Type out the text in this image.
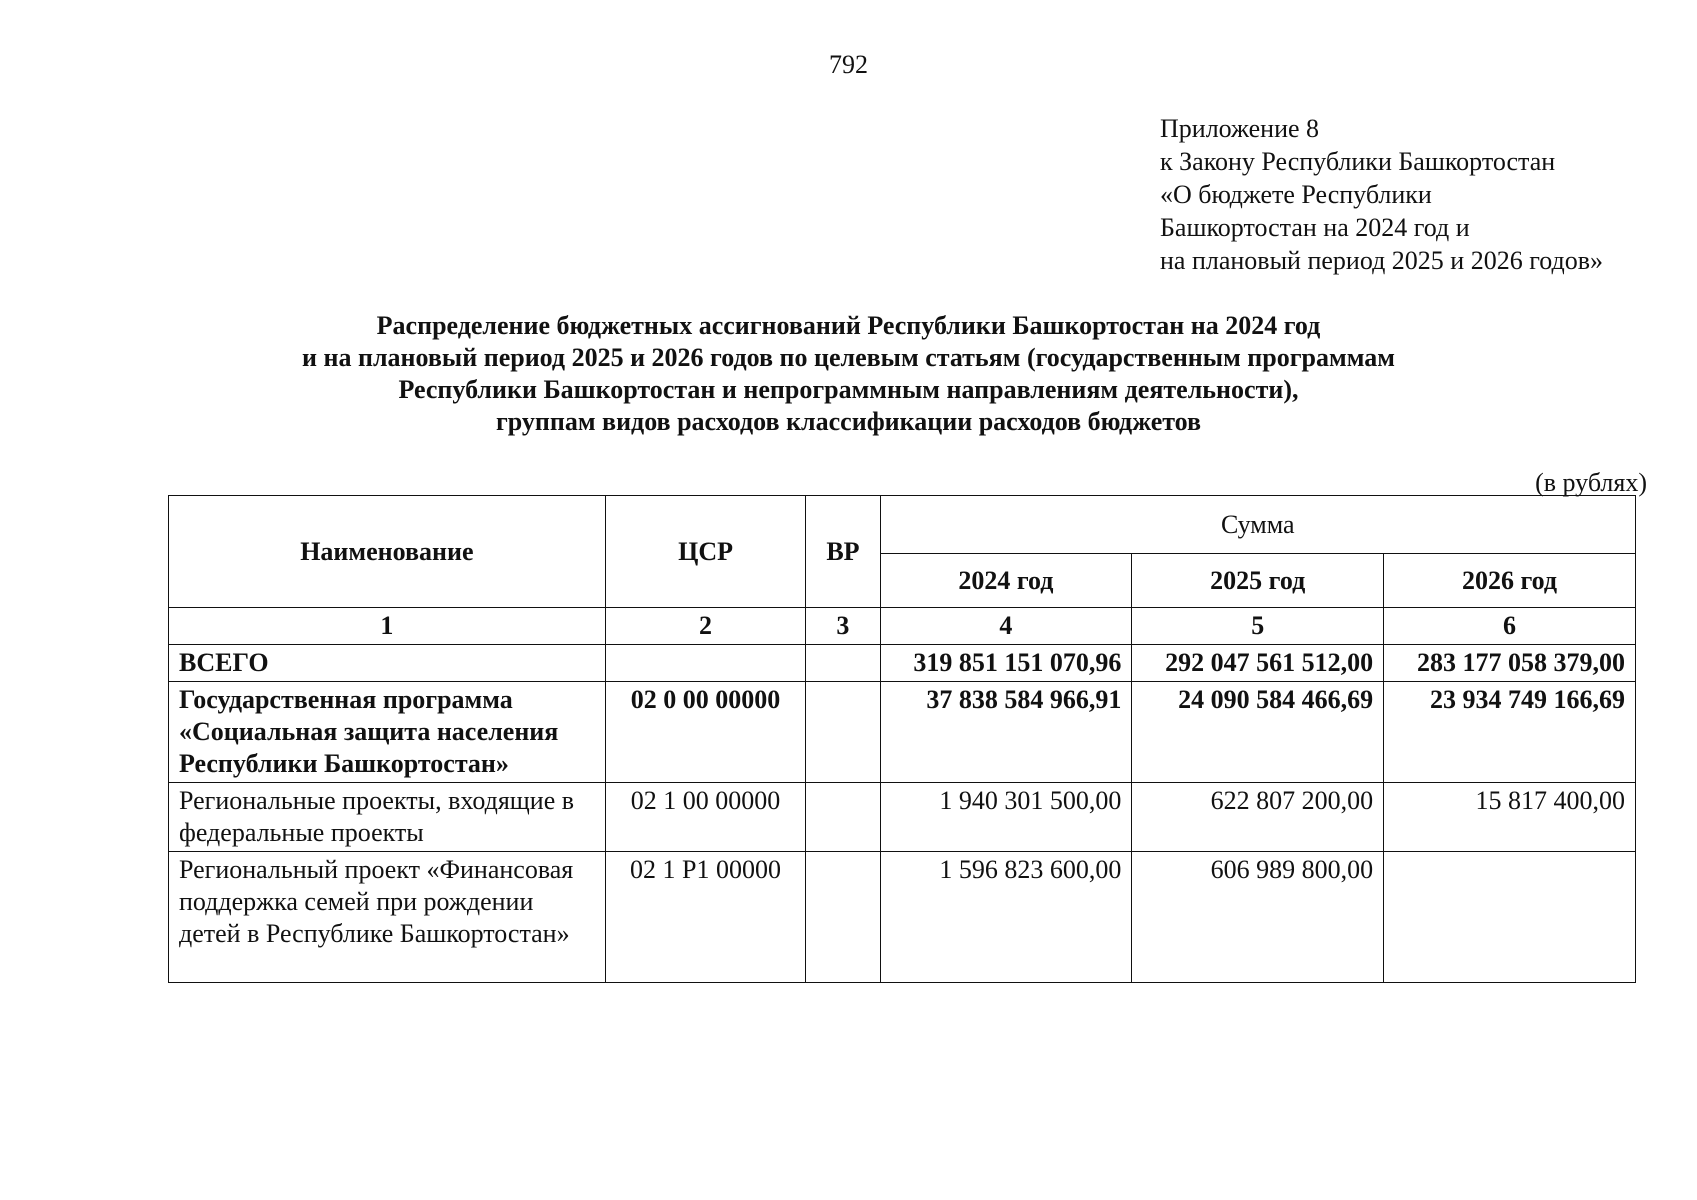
792
Приложение 8
к Закону Республики Башкортостан
«О бюджете Республики
Башкортостан на 2024 год и
на плановый период 2025 и 2026 годов»
Распределение бюджетных ассигнований Республики Башкортостан на 2024 год
и на плановый период 2025 и 2026 годов по целевым статьям (государственным программам
Республики Башкортостан и непрограммным направлениям деятельности),
группам видов расходов классификации расходов бюджетов
(в рублях)
Наименование	ЦСР	ВР	Сумма		
			2024 год	2025 год	2026 год
1	2	3	4	5	6
ВСЕГО			319 851 151 070,96	292 047 561 512,00	283 177 058 379,00
Государственная программа «Социальная защита населения Республики Башкортостан»	02 0 00 00000		37 838 584 966,91	24 090 584 466,69	23 934 749 166,69
Региональные проекты, входящие в федеральные проекты	02 1 00 00000		1 940 301 500,00	622 807 200,00	15 817 400,00
Региональный проект «Финансовая поддержка семей при рождении детей в Республике Башкортостан»	02 1 P1 00000		1 596 823 600,00	606 989 800,00	
